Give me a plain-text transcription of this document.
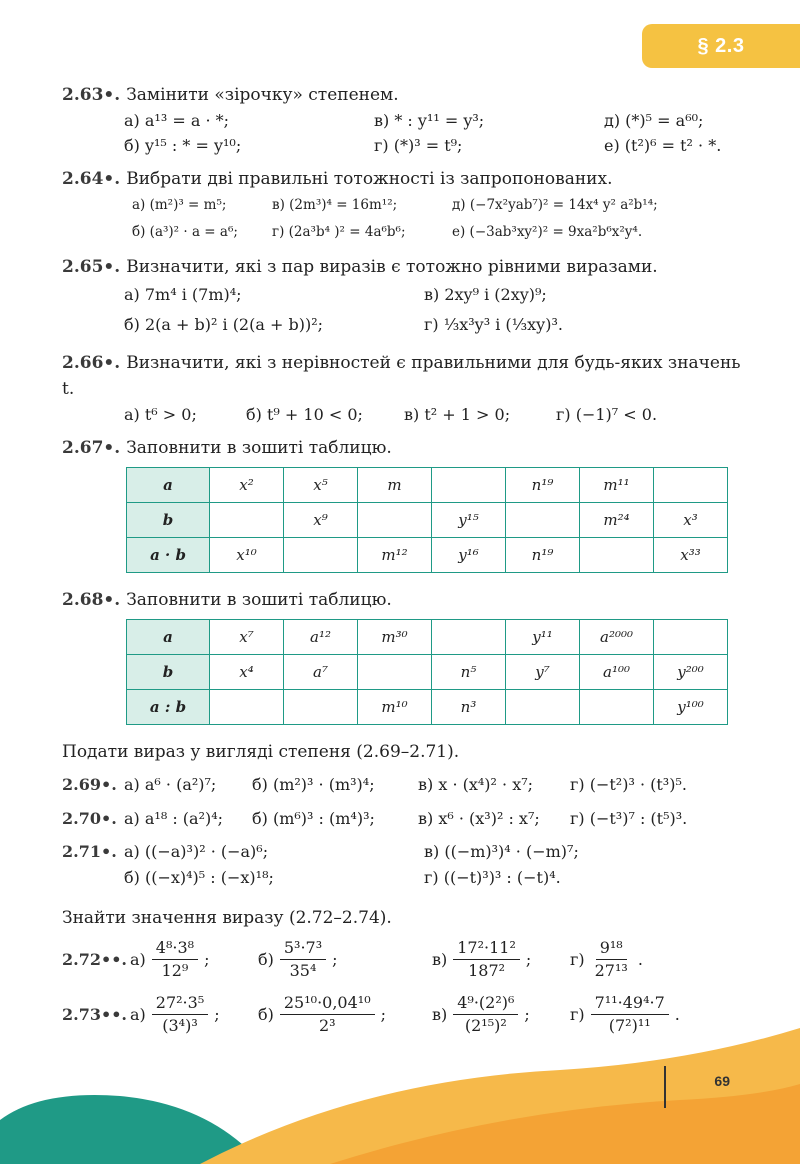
§ 2.3
2.63•. Замінити «зірочку» степенем.
а) a¹³ = a · *;	в) * : y¹¹ = y³;	д) (*)⁵ = a⁶⁰;
б) y¹⁵ : * = y¹⁰;	г) (*)³ = t⁹;	е) (t²)⁶ = t² · *.
2.64•. Вибрати дві правильні тотожності із запропонованих.
а) (m²)³ = m⁵;	в) (2m³)⁴ = 16m¹²;	д) (−7x²yab⁷)² = 14x⁴ y² a²b¹⁴;
б) (a³)² · a = a⁶;	г) (2a³b⁴ )² = 4a⁶b⁶;	е) (−3ab³xy²)² = 9xa²b⁶x²y⁴.
2.65•. Визначити, які з пар виразів є тотожно рівними виразами.
а) 7m⁴ і (7m)⁴;	в) 2xy⁹ і (2xy)⁹;
б) 2(a + b)² і (2(a + b))²;	г) ⅓x³y³ і (⅓xy)³.
2.66•. Визначити, які з нерівностей є правильними для будь-яких значень t.
а) t⁶ > 0;	б) t⁹ + 10 < 0;	в) t² + 1 > 0;	г) (−1)⁷ < 0.
2.67•. Заповнити в зошиті таблицю.
a	x²	x⁵	m		n¹⁹	m¹¹	
b		x⁹		y¹⁵		m²⁴	x³
a · b	x¹⁰		m¹²	y¹⁶	n¹⁹		x³³
2.68•. Заповнити в зошиті таблицю.
a	x⁷	a¹²	m³⁰		y¹¹	a²⁰⁰⁰	
b	x⁴	a⁷		n⁵	y⁷	a¹⁰⁰	y²⁰⁰
a : b			m¹⁰	n³			y¹⁰⁰
Подати вираз у вигляді степеня (2.69–2.71).
2.69•. а) a⁶ · (a²)⁷;	б) (m²)³ · (m³)⁴;	в) x · (x⁴)² · x⁷;	г) (−t²)³ · (t³)⁵.
2.70•. а) a¹⁸ : (a²)⁴;	б) (m⁶)³ : (m⁴)³;	в) x⁶ · (x³)² : x⁷;	г) (−t³)⁷ : (t⁵)³.
2.71•. а) ((−a)³)² · (−a)⁶;	в) ((−m)³)⁴ · (−m)⁷;
б) ((−x)⁴)⁵ : (−x)¹⁸;	г) ((−t)³)³ : (−t)⁴.
Знайти значення виразу (2.72–2.74).
2.72••. $а) \frac{\text{4⁸·3⁸}}{\text{12⁹}}$ ;	$б) \frac{\text{5³·7³}}{\text{35⁴}}$ ;	$в) \frac{\text{17²·11²}}{\text{187²}}$ ; $г) \frac{\text{9¹⁸}}{\text{27¹³}}$ .
2.73••. $а) \frac{\text{27²·3⁵}}{\text{(3⁴)³}}$ ; $б) \frac{\text{25¹⁰·0,04¹⁰}}{\text{2³}}$ ;	$в) \frac{\text{4⁹·(2²)⁶}}{\text{(2¹⁵)²}}$ ;	$г) \frac{\text{7¹¹·49⁴·7}}{\text{(7²)¹¹}}$ .
69
